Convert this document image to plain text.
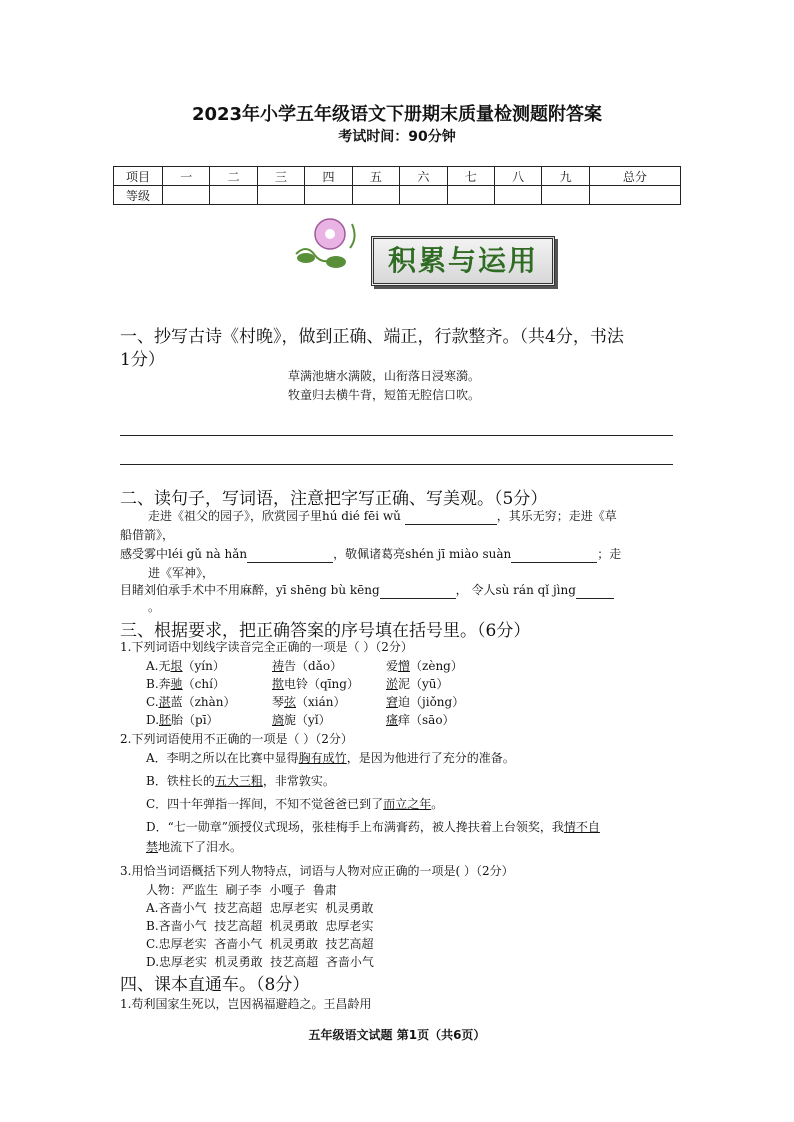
2023年小学五年级语文下册期末质量检测题附答案
考试时间：90分钟
项目	一	二	三	四	五	六	七	八	九	总分
等级										
积累与运用
一、抄写古诗《村晚》，做到正确、端正，行款整齐。（共4分，书法
1分）
草满池塘水满陂，山衔落日浸寒漪。
牧童归去横牛背，短笛无腔信口吹。
二、读句子，写词语，注意把字写正确、写美观。（5分）
走进《祖父的园子》，欣赏园子里hú dié fēi wǔ	，其乐无穷；走进《草
船借箭》，
感受雾中léi gǔ nà hǎn	，敬佩诸葛亮shén jī miào suàn	；走
进《军神》，
目睹刘伯承手术中不用麻醉，yī shēng bù kēng	， 令人sù rán qǐ jìng
。
三、根据要求，把正确答案的序号填在括号里。（6分）
1.下列词语中划线字读音完全正确的一项是（ ）（2分）
A.无垠（yín）	祷告（dǎo）	爱憎（zèng）
B.奔驰（chí）	揿电铃（qīng）	淤泥（yū）
C.湛蓝（zhàn）	琴弦（xián）	窘迫（jiǒng）
D.胚胎（pī）	旖旎（yǐ）	瘙痒（sāo）
2.下列词语使用不正确的一项是（ ）（2分）
A．李明之所以在比赛中显得胸有成竹，是因为他进行了充分的准备。
B．铁柱长的五大三粗，非常敦实。
C．四十年弹指一挥间，不知不觉爸爸已到了而立之年。
D．“七一勋章”颁授仪式现场，张桂梅手上布满膏药，被人搀扶着上台领奖，我情不自
禁地流下了泪水。
3.用恰当词语概括下列人物特点，词语与人物对应正确的一项是( ）（2分）
人物：严监生  刷子李  小嘎子  鲁肃
A.吝啬小气  技艺高超  忠厚老实  机灵勇敢
B.吝啬小气  技艺高超  机灵勇敢  忠厚老实
C.忠厚老实  吝啬小气  机灵勇敢  技艺高超
D.忠厚老实  机灵勇敢  技艺高超  吝啬小气
四、课本直通车。（8分）
1.苟利国家生死以，岂因祸福避趋之。王昌龄用
五年级语文试题 第1页（共6页）
